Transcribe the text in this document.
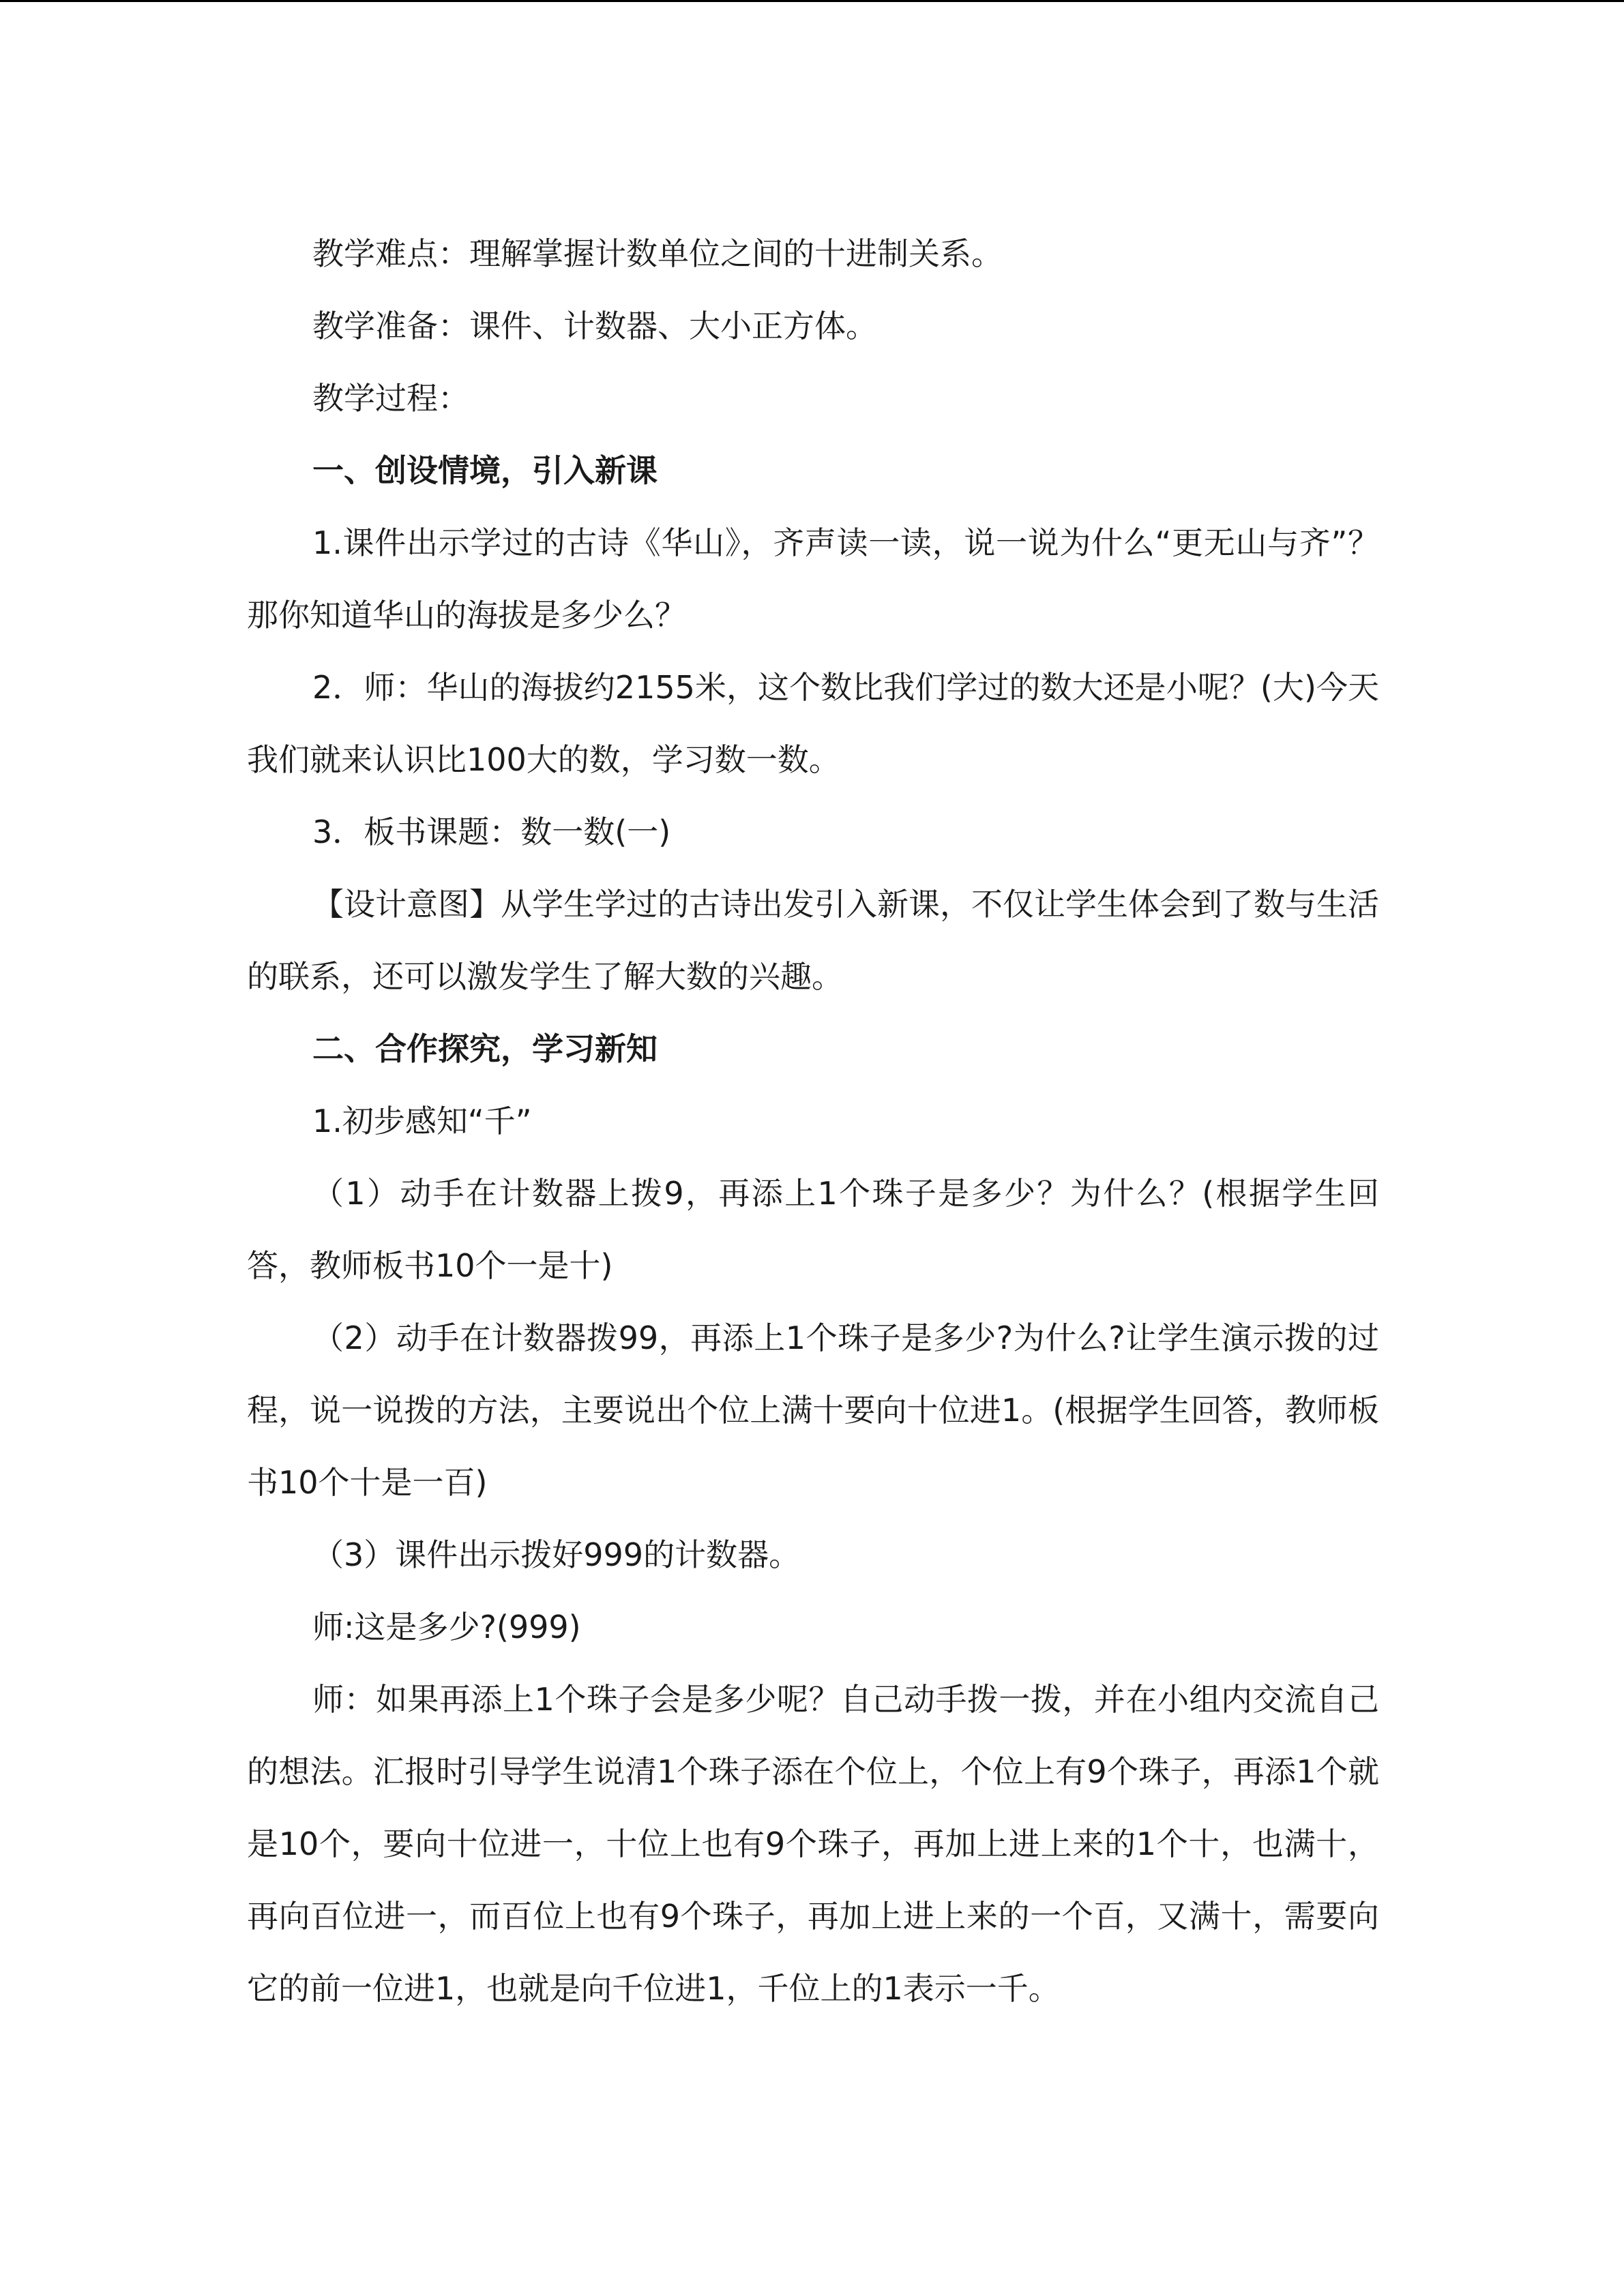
教学难点：理解掌握计数单位之间的十进制关系。

教学准备：课件、计数器、大小正方体。

教学过程：

一、创设情境，引入新课

1.课件出示学过的古诗《华山》，齐声读一读，说一说为什么“更无山与齐”？那你知道华山的海拔是多少么？

2．师：华山的海拔约2155米，这个数比我们学过的数大还是小呢？(大)今天我们就来认识比100大的数，学习数一数。

3．板书课题：数一数(一)

【设计意图】从学生学过的古诗出发引入新课，不仅让学生体会到了数与生活的联系，还可以激发学生了解大数的兴趣。

二、合作探究，学习新知

1.初步感知“千”

（1）动手在计数器上拨9，再添上1个珠子是多少？为什么？(根据学生回答，教师板书10个一是十)

（2）动手在计数器拨99，再添上1个珠子是多少?为什么?让学生演示拨的过程，说一说拨的方法，主要说出个位上满十要向十位进1。(根据学生回答，教师板书10个十是一百)

（3）课件出示拨好999的计数器。

师:这是多少?(999)

师：如果再添上1个珠子会是多少呢？自己动手拨一拨，并在小组内交流自己的想法。汇报时引导学生说清1个珠子添在个位上，个位上有9个珠子，再添1个就是10个，要向十位进一，十位上也有9个珠子，再加上进上来的1个十，也满十，再向百位进一，而百位上也有9个珠子，再加上进上来的一个百，又满十，需要向它的前一位进1，也就是向千位进1，千位上的1表示一千。
